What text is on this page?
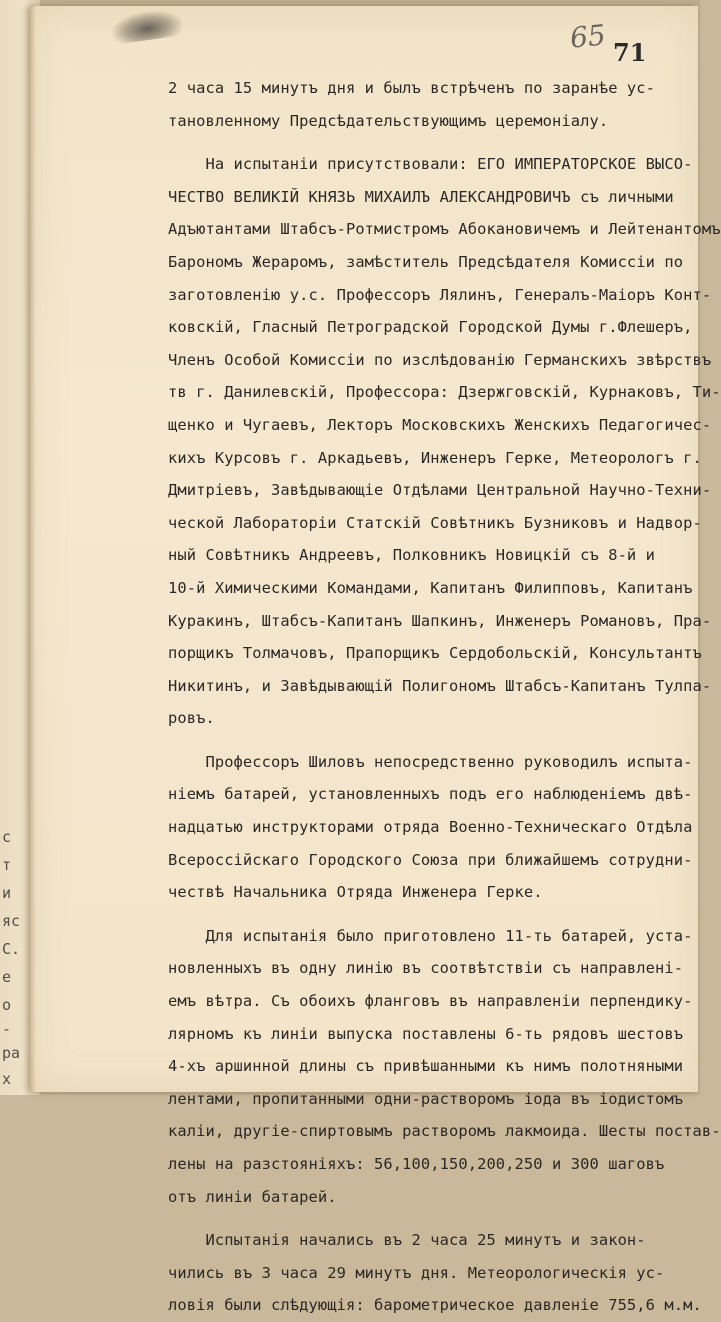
с
т
и
яс
С.
е
о
-
ра
х
65 71
2 часа 15 минутъ дня и былъ встрѣченъ по заранѣе ус-
тановленному Предсѣдательствующимъ церемоніалу.
На испытаніи присутствовали: ЕГО ИМПЕРАТОРСКОЕ ВЫСО-
ЧЕСТВО ВЕЛИКІЙ КНЯЗЬ МИХАИЛЪ АЛЕКСАНДРОВИЧЪ съ личными
Адъютантами Штабсъ-Ротмистромъ Абокановичемъ и Лейтенантомъ
Барономъ Жераромъ, замѣститель Предсѣдателя Комиссіи по
заготовленію у.с. Профессоръ Лялинъ, Генералъ-Маіоръ Конт-
ковскій, Гласный Петроградской Городской Думы г.Флешеръ,
Членъ Особой Комиссіи по изслѣдованію Германскихъ звѣрствъ
тв г. Данилевскій, Профессора: Дзержговскій, Курнаковъ, Ти-
щенко и Чугаевъ, Лекторъ Московскихъ Женскихъ Педагогичес-
кихъ Курсовъ г. Аркадьевъ, Инженеръ Герке, Метеорологъ г.
Дмитріевъ, Завѣдывающіе Отдѣлами Центральной Научно-Техни-
ческой Лабораторіи Статскій Совѣтникъ Бузниковъ и Надвор-
ный Совѣтникъ Андреевъ, Полковникъ Новицкій съ 8-й и
10-й Химическими Командами, Капитанъ Филипповъ, Капитанъ
Куракинъ, Штабсъ-Капитанъ Шапкинъ, Инженеръ Романовъ, Пра-
порщикъ Толмачовъ, Прапорщикъ Сердобольскій, Консультантъ
Никитинъ, и Завѣдывающій Полигономъ Штабсъ-Капитанъ Тулпа-
ровъ.
Профессоръ Шиловъ непосредственно руководилъ испыта-
ніемъ батарей, установленныхъ подъ его наблюденіемъ двѣ-
надцатью инструкторами отряда Военно-Техническаго Отдѣла
Всероссійскаго Городского Союза при ближайшемъ сотрудни-
чествѣ Начальника Отряда Инженера Герке.
Для испытанія было приготовлено 11-ть батарей, уста-
новленныхъ въ одну линію въ соотвѣтствіи съ направлені-
емъ вѣтра. Съ обоихъ фланговъ въ направленіи перпендику-
лярномъ къ линіи выпуска поставлены 6-ть рядовъ шестовъ
4-хъ аршинной длины съ привѣшанными къ нимъ полотняными
лентами, пропитанными одни-растворомъ іода въ іодистомъ
калiи, другіе-спиртовымъ растворомъ лакмоида. Шесты постав-
лены на разстояніяхъ: 56,100,150,200,250 и 300 шаговъ
отъ линіи батарей.
Испытанія начались въ 2 часа 25 минутъ и закон-
чились въ 3 часа 29 минутъ дня. Метеорологическія ус-
ловія были слѣдующія: барометрическое давленіе 755,6 м.м.
